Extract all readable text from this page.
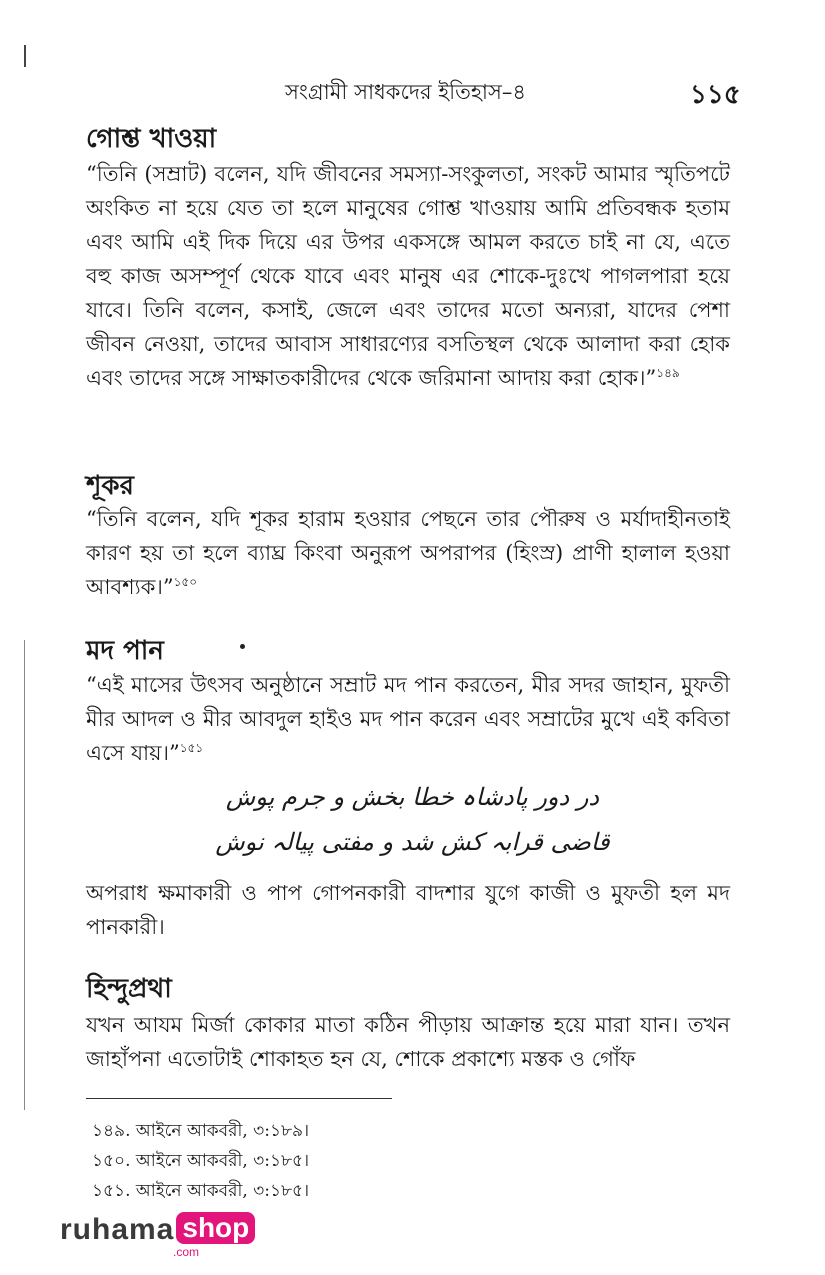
সংগ্রামী সাধকদের ইতিহাস–৪	১১৫
গোশ্ত খাওয়া
“তিনি (সম্রাট) বলেন, যদি জীবনের সমস্যা-সংকুলতা, সংকট আমার স্মৃতিপটে অংকিত না হয়ে যেত তা হলে মানুষের গোশ্ত খাওয়ায় আমি প্রতিবন্ধক হতাম এবং আমি এই দিক দিয়ে এর উপর একসঙ্গে আমল করতে চাই না যে, এতে বহু কাজ অসম্পূর্ণ থেকে যাবে এবং মানুষ এর শোকে-দুঃখে পাগলপারা হয়ে যাবে। তিনি বলেন, কসাই, জেলে এবং তাদের মতো অন্যরা, যাদের পেশা জীবন নেওয়া, তাদের আবাস সাধারণ্যের বসতিস্থল থেকে আলাদা করা হোক এবং তাদের সঙ্গে সাক্ষাতকারীদের থেকে জরিমানা আদায় করা হোক।”$^{১৪৯}$
শূকর
“তিনি বলেন, যদি শূকর হারাম হওয়ার পেছনে তার পৌরুষ ও মর্যাদাহীনতাই কারণ হয় তা হলে ব্যাঘ্র কিংবা অনুরূপ অপরাপর (হিংস্র) প্রাণী হালাল হওয়া আবশ্যক।”$^{১৫০}$
মদ পান
“এই মাসের উৎসব অনুষ্ঠানে সম্রাট মদ পান করতেন, মীর সদর জাহান, মুফতী মীর আদল ও মীর আবদুল হাইও মদ পান করেন এবং সম্রাটের মুখে এই কবিতা এসে যায়।”$^{১৫১}$
در دور پادشاہ خطا بخش و جرم پوش
قاضی قرابہ کش شد و مفتی پیالہ نوش
অপরাধ ক্ষমাকারী ও পাপ গোপনকারী বাদশার যুগে কাজী ও মুফতী হল মদ পানকারী।
হিন্দুপ্রথা
যখন আযম মির্জা কোকার মাতা কঠিন পীড়ায় আক্রান্ত হয়ে মারা যান। তখন জাহাঁপনা এতোটাই শোকাহত হন যে, শোকে প্রকাশ্যে মস্তক ও গোঁফ
১৪৯. আইনে আকবরী, ৩:১৮৯।
১৫০. আইনে আকবরী, ৩:১৮৫।
১৫১. আইনে আকবরী, ৩:১৮৫।
ruhama shop
.com
